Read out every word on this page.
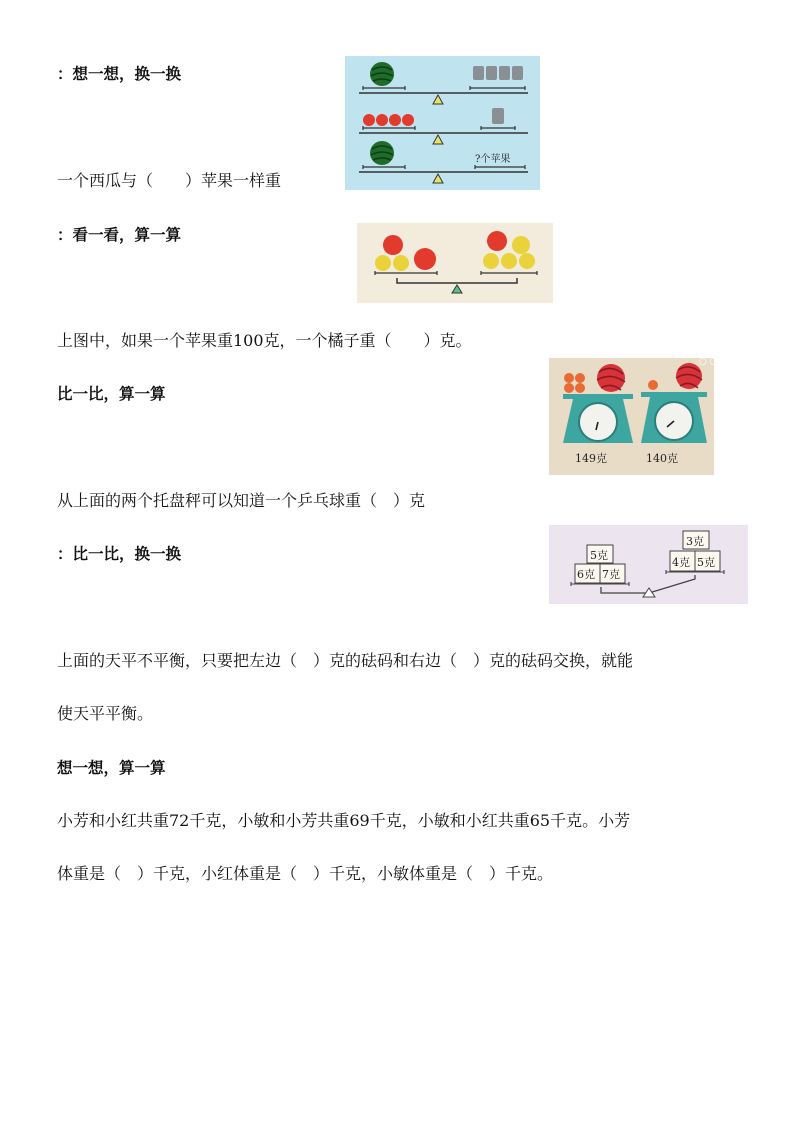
：想一想，换一换
?个苹果
一个西瓜与（　　）苹果一样重
：看一看，算一算
上图中，如果一个苹果重100克，一个橘子重（　　）克。
比一比，算一算
149克	140克
○ ○
从上面的两个托盘秤可以知道一个乒乓球重（　）克
：比一比，换一换	5克
6克 7克
3克
4克 5克
上面的天平不平衡，只要把左边（　）克的砝码和右边（　）克的砝码交换，就能
使天平平衡。
想一想，算一算
小芳和小红共重72千克，小敏和小芳共重69千克，小敏和小红共重65千克。小芳
体重是（　）千克，小红体重是（　）千克，小敏体重是（　）千克。
